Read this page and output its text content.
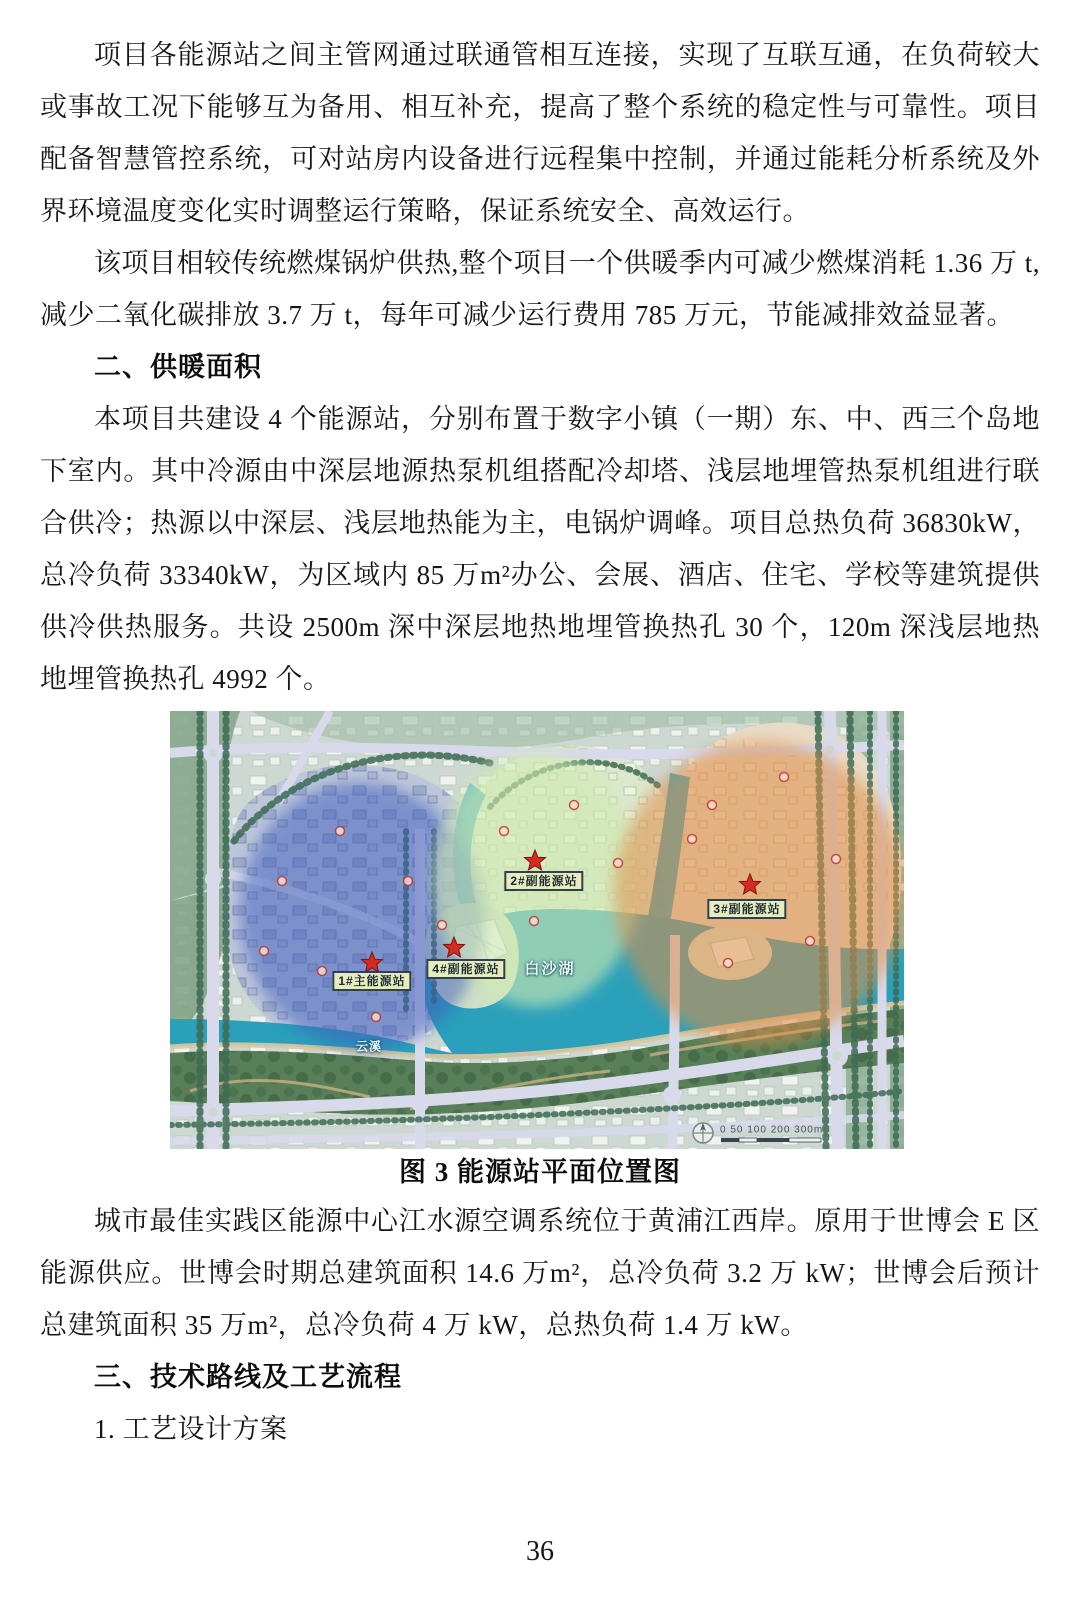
项目各能源站之间主管网通过联通管相互连接，实现了互联互通，在负荷较大或事故工况下能够互为备用、相互补充，提高了整个系统的稳定性与可靠性。项目配备智慧管控系统，可对站房内设备进行远程集中控制，并通过能耗分析系统及外界环境温度变化实时调整运行策略，保证系统安全、高效运行。

该项目相较传统燃煤锅炉供热,整个项目一个供暖季内可减少燃煤消耗 1.36 万 t,减少二氧化碳排放 3.7 万 t，每年可减少运行费用 785 万元，节能减排效益显著。

二、供暖面积

本项目共建设 4 个能源站，分别布置于数字小镇（一期）东、中、西三个岛地下室内。其中冷源由中深层地源热泵机组搭配冷却塔、浅层地埋管热泵机组进行联合供冷；热源以中深层、浅层地热能为主，电锅炉调峰。项目总热负荷 36830kW，总冷负荷 33340kW，为区域内 85 万m²办公、会展、酒店、住宅、学校等建筑提供供冷供热服务。共设 2500m 深中深层地热地埋管换热孔 30 个，120m 深浅层地热地埋管换热孔 4992 个。

1#主能源站
2#副能源站
3#副能源站
4#副能源站	白沙湖
云溪
0 50 100 200 300m
图 3 能源站平面位置图

城市最佳实践区能源中心江水源空调系统位于黄浦江西岸。原用于世博会 E 区能源供应。世博会时期总建筑面积 14.6 万m²，总冷负荷 3.2 万 kW；世博会后预计总建筑面积 35 万m²，总冷负荷 4 万 kW，总热负荷 1.4 万 kW。

三、技术路线及工艺流程

1. 工艺设计方案

36
